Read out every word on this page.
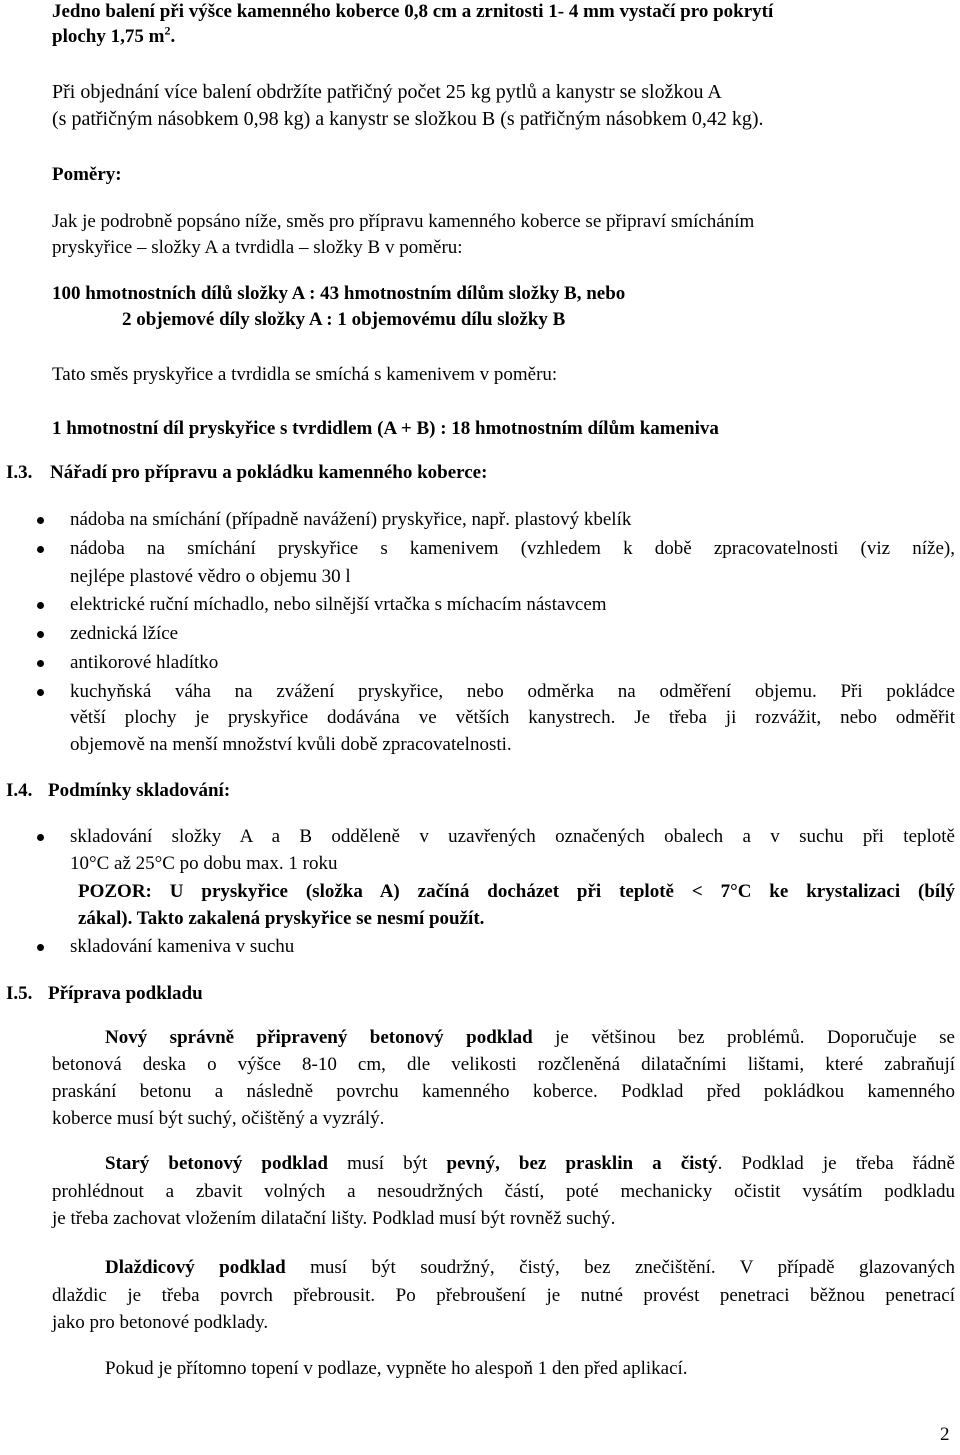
Jedno balení při výšce kamenného koberce 0,8 cm a zrnitosti 1- 4 mm vystačí pro pokrytí
plochy 1,75 $m^2$.
Při objednání více balení obdržíte patřičný počet 25 kg pytlů a kanystr se složkou A
(s patřičným násobkem 0,98 kg) a kanystr se složkou B (s patřičným násobkem 0,42 kg).
Poměry:
Jak je podrobně popsáno níže, směs pro přípravu kamenného koberce se připraví smícháním
pryskyřice – složky A a tvrdidla – složky B v poměru:
100 hmotnostních dílů složky A : 43 hmotnostním dílům složky B, nebo
2 objemové díly složky A : 1 objemovému dílu složky B
Tato směs pryskyřice a tvrdidla se smíchá s kamenivem v poměru:
1 hmotnostní díl pryskyřice s tvrdidlem (A + B) : 18 hmotnostním dílům kameniva
I.3. Nářadí pro přípravu a pokládku kamenného koberce:
nádoba na smíchání (případně navážení) pryskyřice, např. plastový kbelík
nádoba na smíchání pryskyřice s kamenivem (vzhledem k době zpracovatelnosti (viz níže),
nejlépe plastové vědro o objemu 30 l
elektrické ruční míchadlo, nebo silnější vrtačka s míchacím nástavcem
zednická lžíce
antikorové hladítko
kuchyňská váha na zvážení pryskyřice, nebo odměrka na odměření objemu. Při pokládce
větší plochy je pryskyřice dodávána ve větších kanystrech. Je třeba ji rozvážit, nebo odměřit
objemově na menší množství kvůli době zpracovatelnosti.
I.4. Podmínky skladování:
skladování složky A a B odděleně v uzavřených označených obalech a v suchu při teplotě
10°C až 25°C po dobu max. 1 roku
POZOR: U pryskyřice (složka A) začíná docházet při teplotě < 7°C ke krystalizaci (bílý
zákal). Takto zakalená pryskyřice se nesmí použít.
skladování kameniva v suchu
I.5. Příprava podkladu
Nový správně připravený betonový podklad je většinou bez problémů. Doporučuje se
betonová deska o výšce 8-10 cm, dle velikosti rozčleněná dilatačními lištami, které zabraňují
praskání betonu a následně povrchu kamenného koberce. Podklad před pokládkou kamenného
koberce musí být suchý, očištěný a vyzrálý.
Starý betonový podklad musí být pevný, bez prasklin a čistý. Podklad je třeba řádně
prohlédnout a zbavit volných a nesoudržných částí, poté mechanicky očistit vysátím podkladu
je třeba zachovat vložením dilatační lišty. Podklad musí být rovněž suchý.
Dlaždicový podklad musí být soudržný, čistý, bez znečištění. V případě glazovaných
dlaždic je třeba povrch přebrousit. Po přebroušení je nutné provést penetraci běžnou penetrací
jako pro betonové podklady.
Pokud je přítomno topení v podlaze, vypněte ho alespoň 1 den před aplikací.
2
